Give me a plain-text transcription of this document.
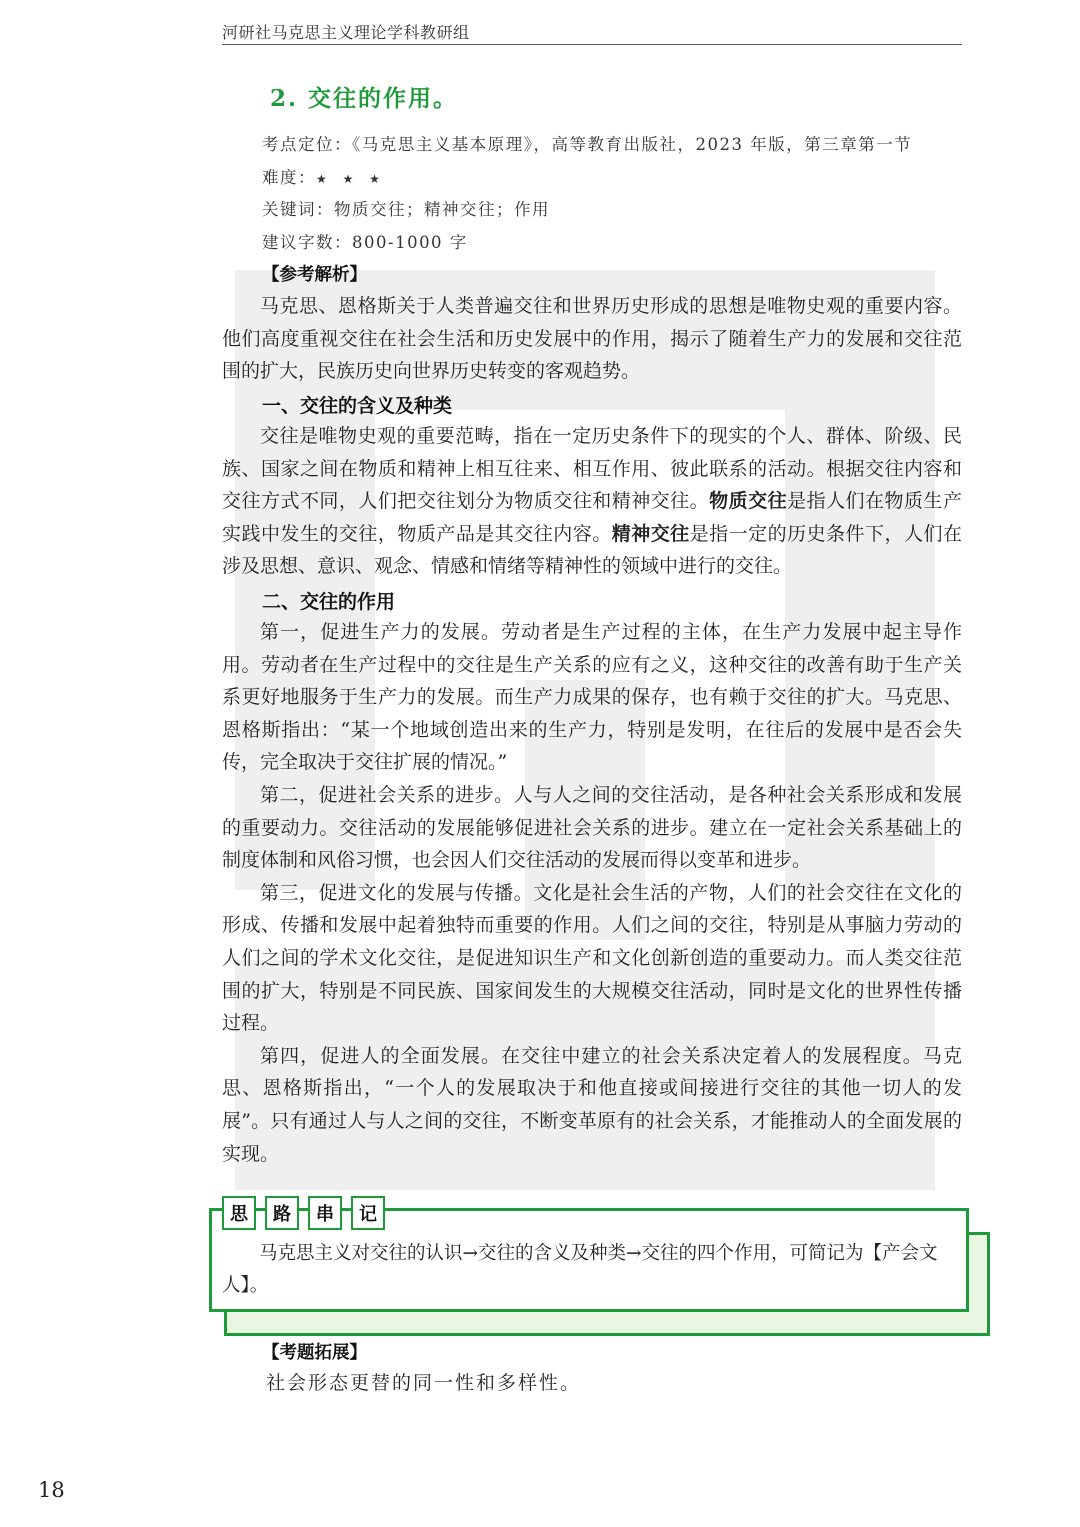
河研社马克思主义理论学科教研组
2. 交往的作用。
考点定位：《马克思主义基本原理》，高等教育出版社，2023 年版，第三章第一节
难度：★ ★ ★
关键词：物质交往；精神交往；作用
建议字数：800-1000 字
【参考解析】

马克思、恩格斯关于人类普遍交往和世界历史形成的思想是唯物史观的重要内容。他们高度重视交往在社会生活和历史发展中的作用，揭示了随着生产力的发展和交往范围的扩大，民族历史向世界历史转变的客观趋势。

一、交往的含义及种类

交往是唯物史观的重要范畴，指在一定历史条件下的现实的个人、群体、阶级、民族、国家之间在物质和精神上相互往来、相互作用、彼此联系的活动。根据交往内容和交往方式不同，人们把交往划分为物质交往和精神交往。物质交往是指人们在物质生产实践中发生的交往，物质产品是其交往内容。精神交往是指一定的历史条件下，人们在涉及思想、意识、观念、情感和情绪等精神性的领域中进行的交往。

二、交往的作用

第一，促进生产力的发展。劳动者是生产过程的主体，在生产力发展中起主导作用。劳动者在生产过程中的交往是生产关系的应有之义，这种交往的改善有助于生产关系更好地服务于生产力的发展。而生产力成果的保存，也有赖于交往的扩大。马克思、恩格斯指出：“某一个地域创造出来的生产力，特别是发明，在往后的发展中是否会失传，完全取决于交往扩展的情况。”

第二，促进社会关系的进步。人与人之间的交往活动，是各种社会关系形成和发展的重要动力。交往活动的发展能够促进社会关系的进步。建立在一定社会关系基础上的制度体制和风俗习惯，也会因人们交往活动的发展而得以变革和进步。

第三，促进文化的发展与传播。文化是社会生活的产物，人们的社会交往在文化的形成、传播和发展中起着独特而重要的作用。人们之间的交往，特别是从事脑力劳动的人们之间的学术文化交往，是促进知识生产和文化创新创造的重要动力。而人类交往范围的扩大，特别是不同民族、国家间发生的大规模交往活动，同时是文化的世界性传播过程。

第四，促进人的全面发展。在交往中建立的社会关系决定着人的发展程度。马克思、恩格斯指出，“一个人的发展取决于和他直接或间接进行交往的其他一切人的发展”。只有通过人与人之间的交往，不断变革原有的社会关系，才能推动人的全面发展的实现。

思	路	串	记

马克思主义对交往的认识→交往的含义及种类→交往的四个作用，可简记为【产会文人】。

【考题拓展】
社会形态更替的同一性和多样性。
18
